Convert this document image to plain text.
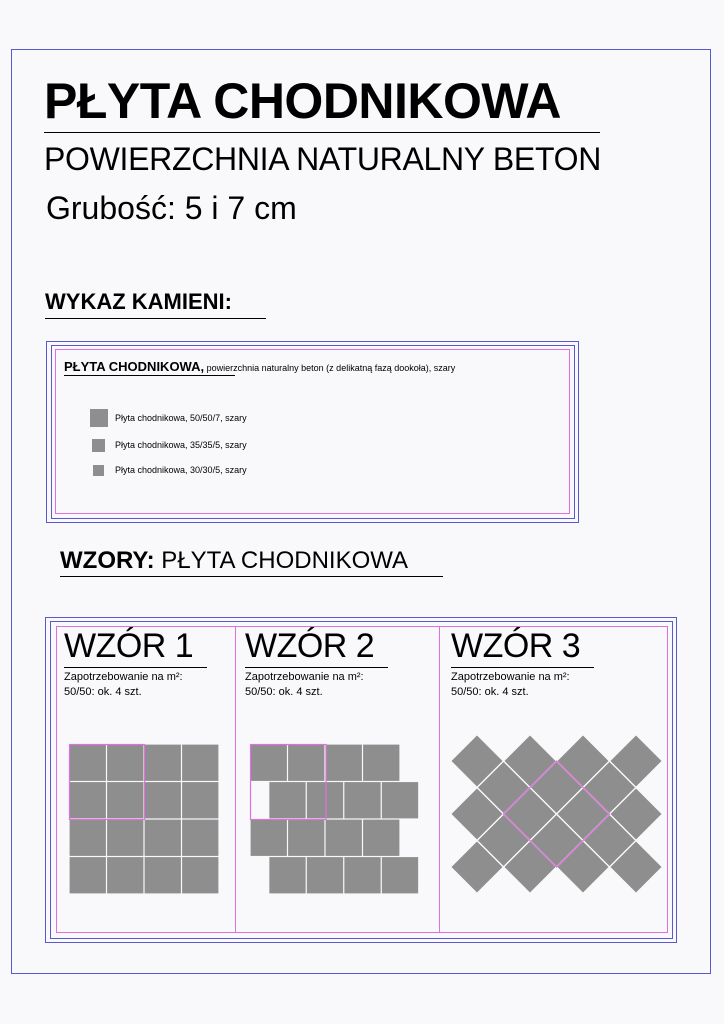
PŁYTA CHODNIKOWA
POWIERZCHNIA NATURALNY BETON
Grubość: 5 i 7 cm
WYKAZ KAMIENI:
PŁYTA CHODNIKOWA, powierzchnia naturalny beton (z delikatną fazą dookoła), szary
Płyta chodnikowa, 50/50/7, szary
Płyta chodnikowa, 35/35/5, szary
Płyta chodnikowa, 30/30/5, szary
WZORY: PŁYTA CHODNIKOWA
WZÓR 1
Zapotrzebowanie na m²:
50/50: ok. 4 szt.
WZÓR 2
Zapotrzebowanie na m²:
50/50: ok. 4 szt.
WZÓR 3
Zapotrzebowanie na m²:
50/50: ok. 4 szt.
